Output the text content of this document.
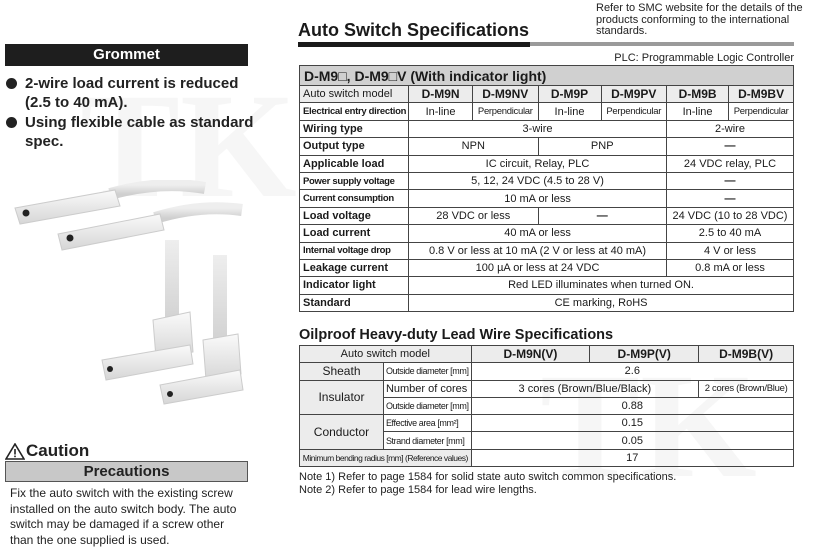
Grommet
2-wire load current is reduced (2.5 to 40 mA).
Using flexible cable as standard spec.
Caution
Precautions
Fix the auto switch with the existing screw installed on the auto switch body. The auto switch may be damaged if a screw other than the one supplied is used.
Auto Switch Specifications
Refer to SMC website for the details of the products conforming to the international standards.
PLC: Programmable Logic Controller
D-M9□, D-M9□V (With indicator light)						
Auto switch model	D-M9N	D-M9NV	D-M9P	D-M9PV	D-M9B	D-M9BV
Electrical entry direction	In-line	Perpendicular	In-line	Perpendicular	In-line	Perpendicular
Wiring type	3-wire				2-wire	
Output type	NPN		PNP		—	
Applicable load	IC circuit, Relay, PLC				24 VDC relay, PLC	
Power supply voltage	5, 12, 24 VDC (4.5 to 28 V)				—	
Current consumption	10 mA or less				—	
Load voltage	28 VDC or less		—		24 VDC (10 to 28 VDC)	
Load current	40 mA or less				2.5 to 40 mA	
Internal voltage drop	0.8 V or less at 10 mA (2 V or less at 40 mA)				4 V or less	
Leakage current	100 µA or less at 24 VDC				0.8 mA or less	
Indicator light	Red LED illuminates when turned ON.					
Standard	CE marking, RoHS					
Oilproof Heavy-duty Lead Wire Specifications
Auto switch model		D-M9N(V)	D-M9P(V)	D-M9B(V)
Sheath	Outside diameter [mm]	2.6		
Insulator	Number of cores	3 cores (Brown/Blue/Black)		2 cores (Brown/Blue)
	Outside diameter [mm]	0.88		
Conductor	Effective area [mm²]	0.15		
	Strand diameter [mm]	0.05		
Minimum bending radius [mm] (Reference values)		17		
Note 1) Refer to page 1584 for solid state auto switch common specifications.
Note 2) Refer to page 1584 for lead wire lengths.
